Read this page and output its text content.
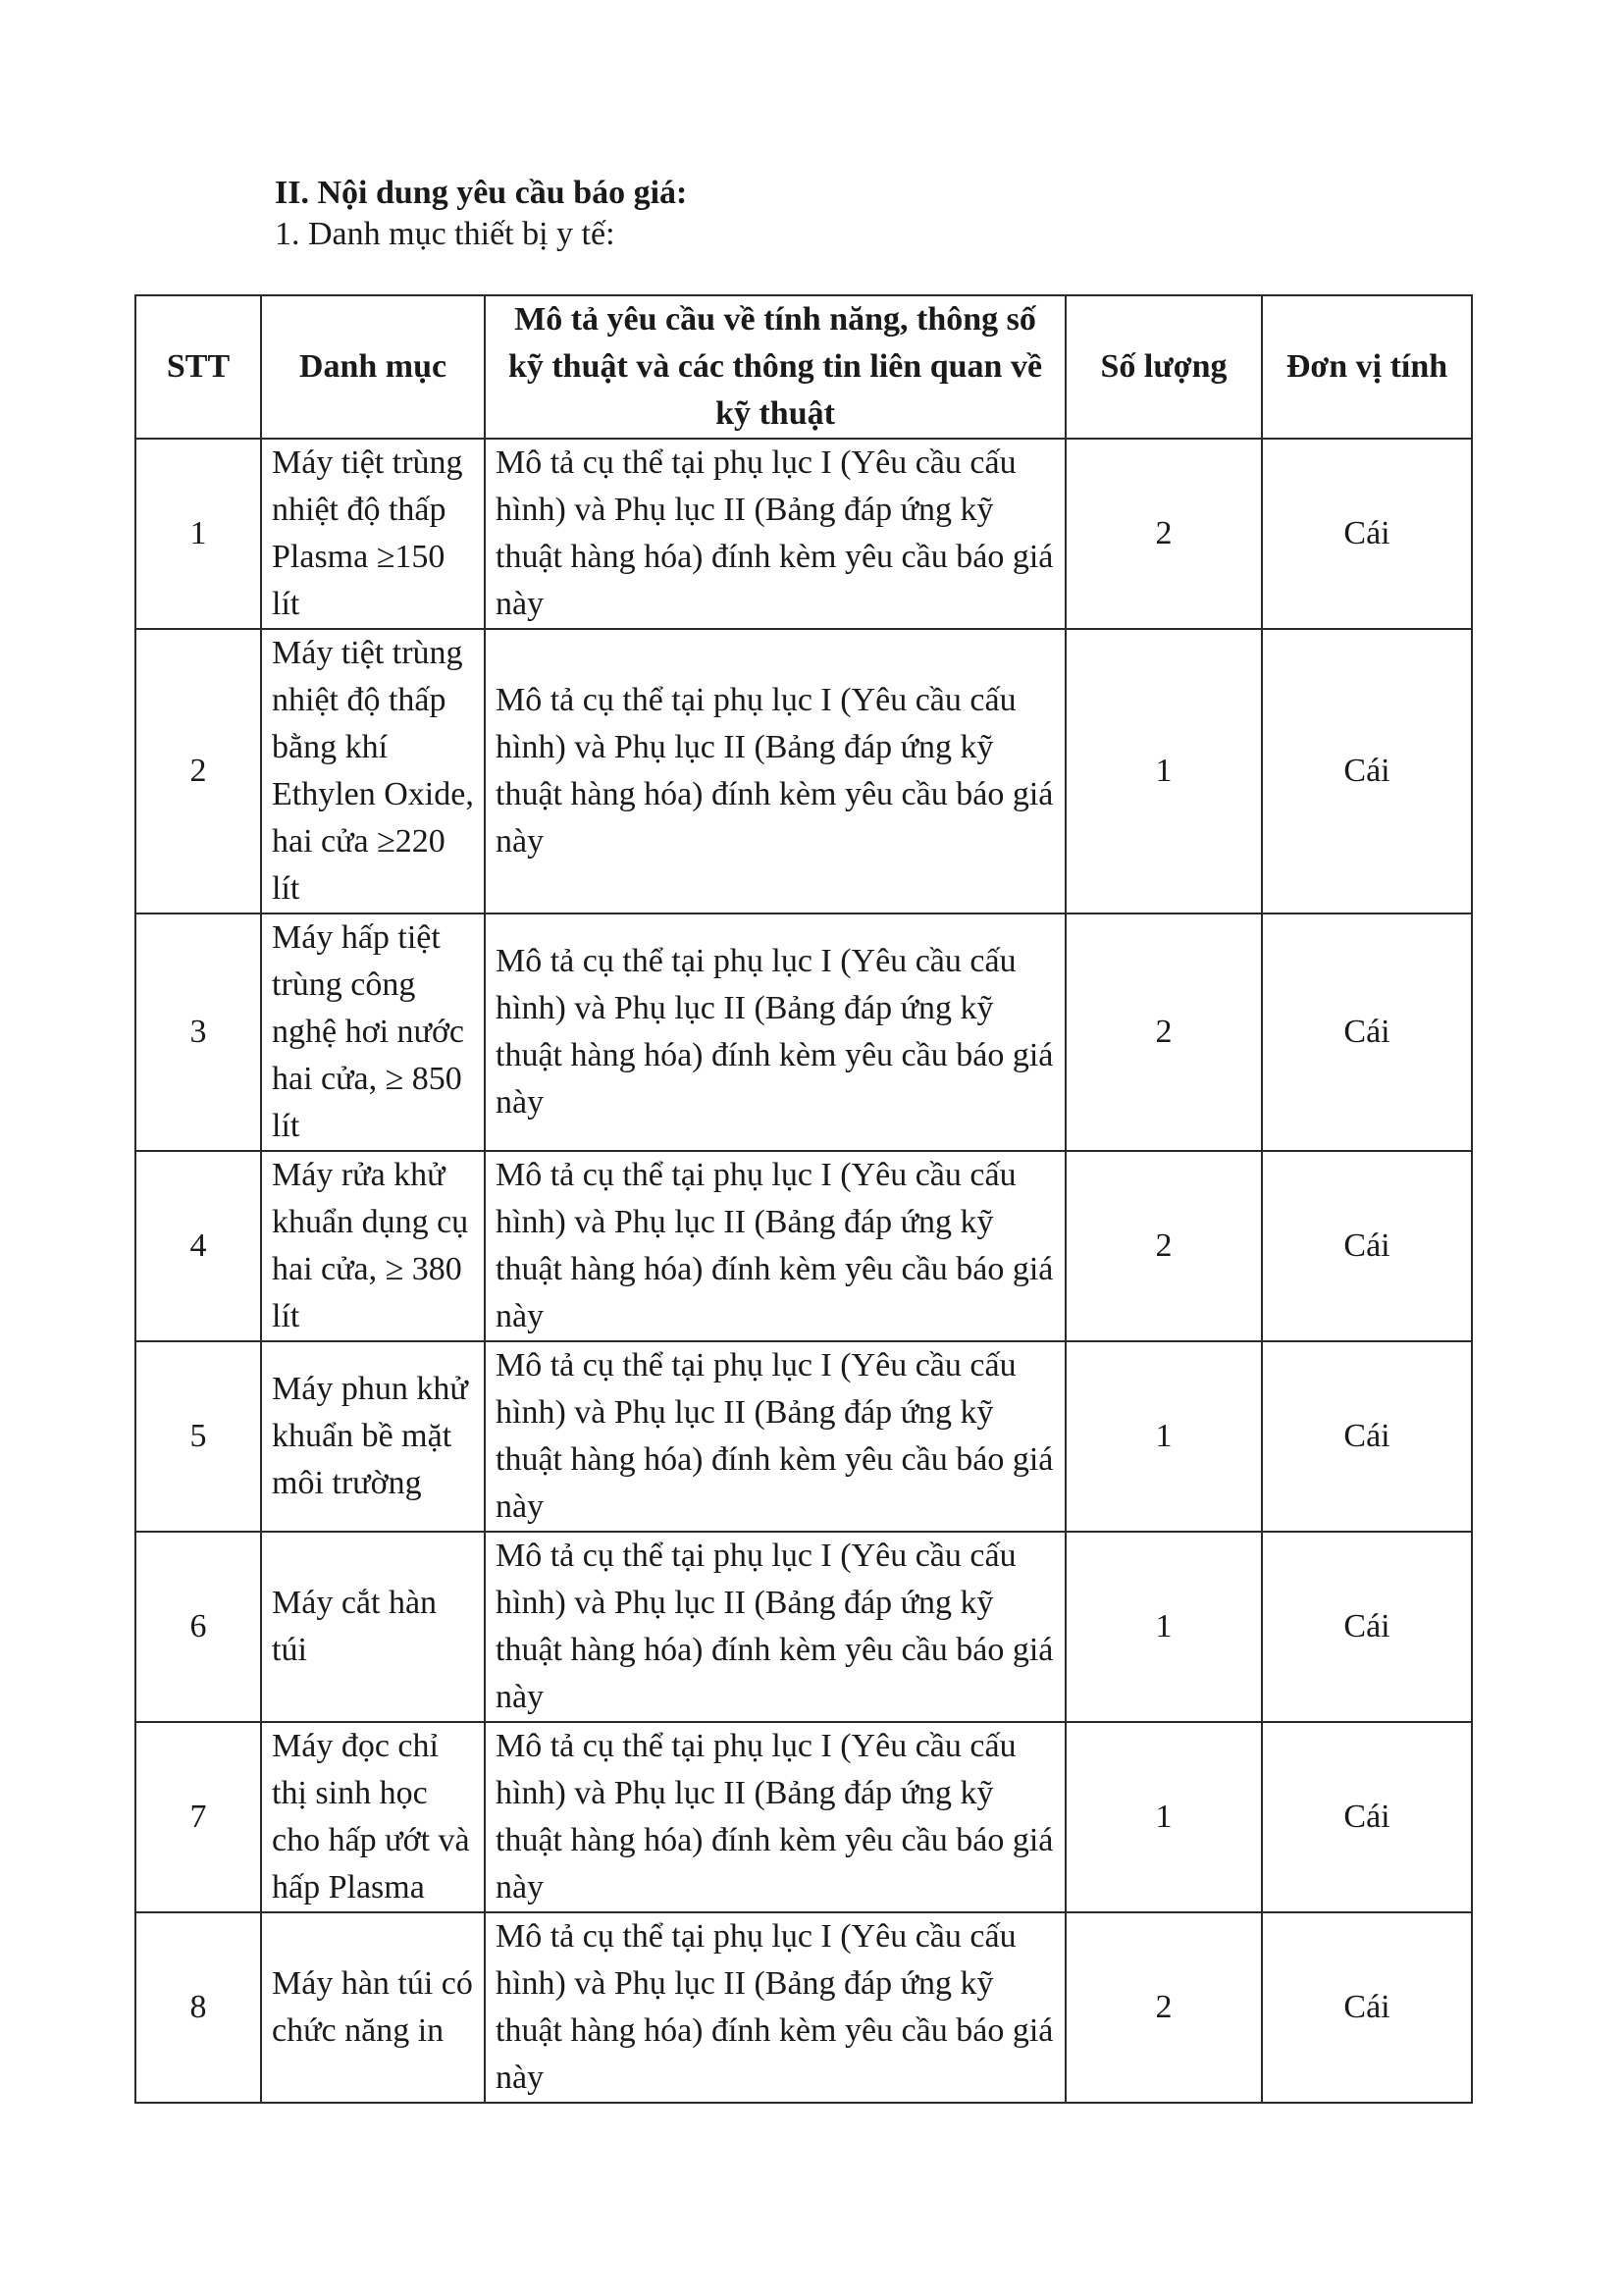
II. Nội dung yêu cầu báo giá:
1. Danh mục thiết bị y tế:
STT	Danh mục	Mô tả yêu cầu về tính năng, thông số kỹ thuật và các thông tin liên quan về kỹ thuật	Số lượng	Đơn vị tính
1	Máy tiệt trùng nhiệt độ thấp Plasma ≥150 lít	Mô tả cụ thể tại phụ lục I (Yêu cầu cấu hình) và Phụ lục II (Bảng đáp ứng kỹ thuật hàng hóa) đính kèm yêu cầu báo giá này	2	Cái
2	Máy tiệt trùng nhiệt độ thấp bằng khí Ethylen Oxide, hai cửa ≥220 lít	Mô tả cụ thể tại phụ lục I (Yêu cầu cấu hình) và Phụ lục II (Bảng đáp ứng kỹ thuật hàng hóa) đính kèm yêu cầu báo giá này	1	Cái
3	Máy hấp tiệt trùng công nghệ hơi nước hai cửa, ≥ 850 lít	Mô tả cụ thể tại phụ lục I (Yêu cầu cấu hình) và Phụ lục II (Bảng đáp ứng kỹ thuật hàng hóa) đính kèm yêu cầu báo giá này	2	Cái
4	Máy rửa khử khuẩn dụng cụ hai cửa, ≥ 380 lít	Mô tả cụ thể tại phụ lục I (Yêu cầu cấu hình) và Phụ lục II (Bảng đáp ứng kỹ thuật hàng hóa) đính kèm yêu cầu báo giá này	2	Cái
5	Máy phun khử khuẩn bề mặt môi trường	Mô tả cụ thể tại phụ lục I (Yêu cầu cấu hình) và Phụ lục II (Bảng đáp ứng kỹ thuật hàng hóa) đính kèm yêu cầu báo giá này	1	Cái
6	Máy cắt hàn túi	Mô tả cụ thể tại phụ lục I (Yêu cầu cấu hình) và Phụ lục II (Bảng đáp ứng kỹ thuật hàng hóa) đính kèm yêu cầu báo giá này	1	Cái
7	Máy đọc chỉ thị sinh học cho hấp ướt và hấp Plasma	Mô tả cụ thể tại phụ lục I (Yêu cầu cấu hình) và Phụ lục II (Bảng đáp ứng kỹ thuật hàng hóa) đính kèm yêu cầu báo giá này	1	Cái
8	Máy hàn túi có chức năng in	Mô tả cụ thể tại phụ lục I (Yêu cầu cấu hình) và Phụ lục II (Bảng đáp ứng kỹ thuật hàng hóa) đính kèm yêu cầu báo giá này	2	Cái
